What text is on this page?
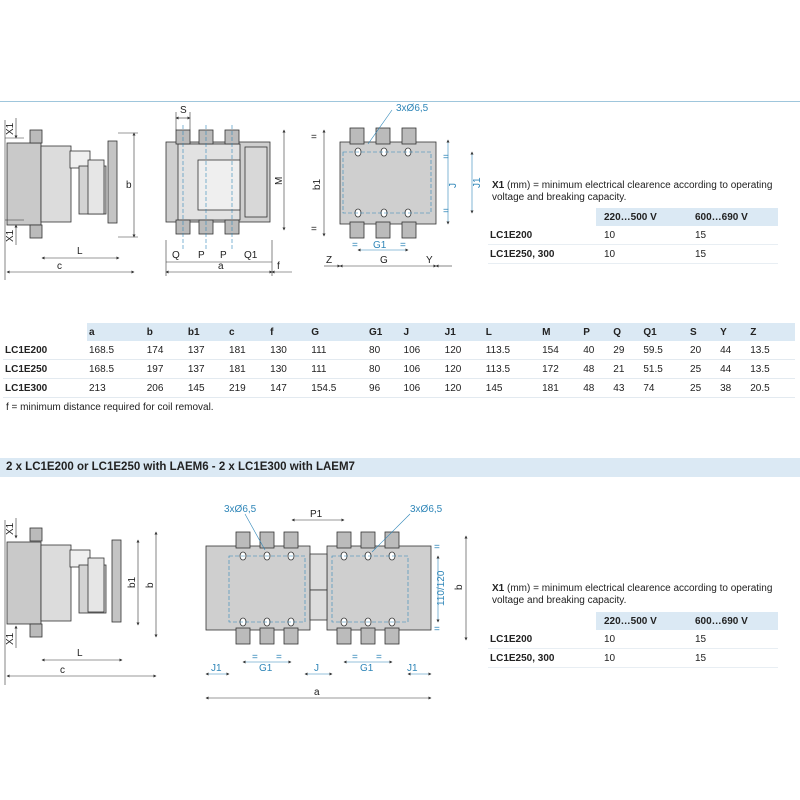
X1
X1
b
L
c
S
M
Q P P Q1
a	f
3xØ6,5
b1	J J1
G1
G
Z	Y
=
=
=	=
=
=
X1 (mm) = minimum electrical clearence according to operating voltage and breaking capacity.
	220…500 V	600…690 V
LC1E200	10	15
LC1E250, 300	10	15
	a	b	b1	c	f	G	G1	J	J1	L	M	P	Q	Q1	S	Y	Z
LC1E200	168.5	174	137	181	130	111	80	106	120	113.5	154	40	29	59.5	20	44	13.5
LC1E250	168.5	197	137	181	130	111	80	106	120	113.5	172	48	21	51.5	25	44	13.5
LC1E300	213	206	145	219	147	154.5	96	106	120	145	181	48	43	74	25	38	20.5
f = minimum distance required for coil removal.
2 x LC1E200 or LC1E250 with LAEM6 - 2 x LC1E300 with LAEM7
X1
X1
b1 b
L
c
3xØ6,5	3xØ6,5
P1
110/120 b
J1	G1	J	G1	J1
a
= =	= =
=
=
X1 (mm) = minimum electrical clearence according to operating voltage and breaking capacity.
	220…500 V	600…690 V
LC1E200	10	15
LC1E250, 300	10	15
